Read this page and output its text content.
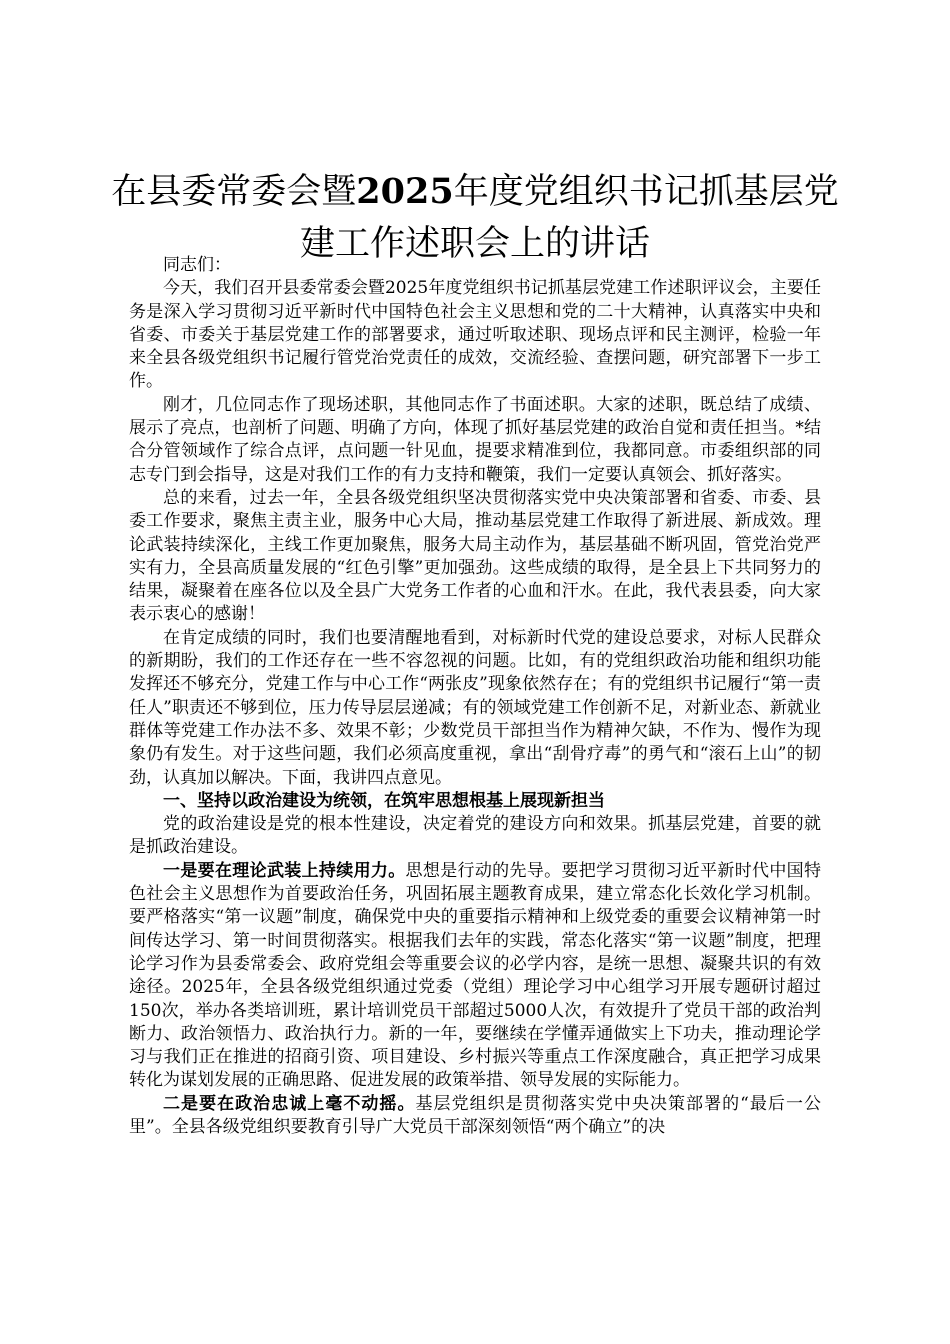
在县委常委会暨2025年度党组织书记抓基层党建工作述职会上的讲话

同志们：

今天，我们召开县委常委会暨2025年度党组织书记抓基层党建工作述职评议会，主要任务是深入学习贯彻习近平新时代中国特色社会主义思想和党的二十大精神，认真落实中央和省委、市委关于基层党建工作的部署要求，通过听取述职、现场点评和民主测评，检验一年来全县各级党组织书记履行管党治党责任的成效，交流经验、查摆问题，研究部署下一步工作。

刚才，几位同志作了现场述职，其他同志作了书面述职。大家的述职，既总结了成绩、展示了亮点，也剖析了问题、明确了方向，体现了抓好基层党建的政治自觉和责任担当。*结合分管领域作了综合点评，点问题一针见血，提要求精准到位，我都同意。市委组织部的同志专门到会指导，这是对我们工作的有力支持和鞭策，我们一定要认真领会、抓好落实。

总的来看，过去一年，全县各级党组织坚决贯彻落实党中央决策部署和省委、市委、县委工作要求，聚焦主责主业，服务中心大局，推动基层党建工作取得了新进展、新成效。理论武装持续深化，主线工作更加聚焦，服务大局主动作为，基层基础不断巩固，管党治党严实有力，全县高质量发展的“红色引擎”更加强劲。这些成绩的取得，是全县上下共同努力的结果，凝聚着在座各位以及全县广大党务工作者的心血和汗水。在此，我代表县委，向大家表示衷心的感谢！

在肯定成绩的同时，我们也要清醒地看到，对标新时代党的建设总要求，对标人民群众的新期盼，我们的工作还存在一些不容忽视的问题。比如，有的党组织政治功能和组织功能发挥还不够充分，党建工作与中心工作“两张皮”现象依然存在；有的党组织书记履行“第一责任人”职责还不够到位，压力传导层层递减；有的领域党建工作创新不足，对新业态、新就业群体等党建工作办法不多、效果不彰；少数党员干部担当作为精神欠缺，不作为、慢作为现象仍有发生。对于这些问题，我们必须高度重视，拿出“刮骨疗毒”的勇气和“滚石上山”的韧劲，认真加以解决。下面，我讲四点意见。

一、坚持以政治建设为统领，在筑牢思想根基上展现新担当

党的政治建设是党的根本性建设，决定着党的建设方向和效果。抓基层党建，首要的就是抓政治建设。

一是要在理论武装上持续用力。思想是行动的先导。要把学习贯彻习近平新时代中国特色社会主义思想作为首要政治任务，巩固拓展主题教育成果，建立常态化长效化学习机制。要严格落实“第一议题”制度，确保党中央的重要指示精神和上级党委的重要会议精神第一时间传达学习、第一时间贯彻落实。根据我们去年的实践，常态化落实“第一议题”制度，把理论学习作为县委常委会、政府党组会等重要会议的必学内容，是统一思想、凝聚共识的有效途径。2025年，全县各级党组织通过党委（党组）理论学习中心组学习开展专题研讨超过150次，举办各类培训班，累计培训党员干部超过5000人次，有效提升了党员干部的政治判断力、政治领悟力、政治执行力。新的一年，要继续在学懂弄通做实上下功夫，推动理论学习与我们正在推进的招商引资、项目建设、乡村振兴等重点工作深度融合，真正把学习成果转化为谋划发展的正确思路、促进发展的政策举措、领导发展的实际能力。

二是要在政治忠诚上毫不动摇。基层党组织是贯彻落实党中央决策部署的“最后一公里”。全县各级党组织要教育引导广大党员干部深刻领悟“两个确立”的决
